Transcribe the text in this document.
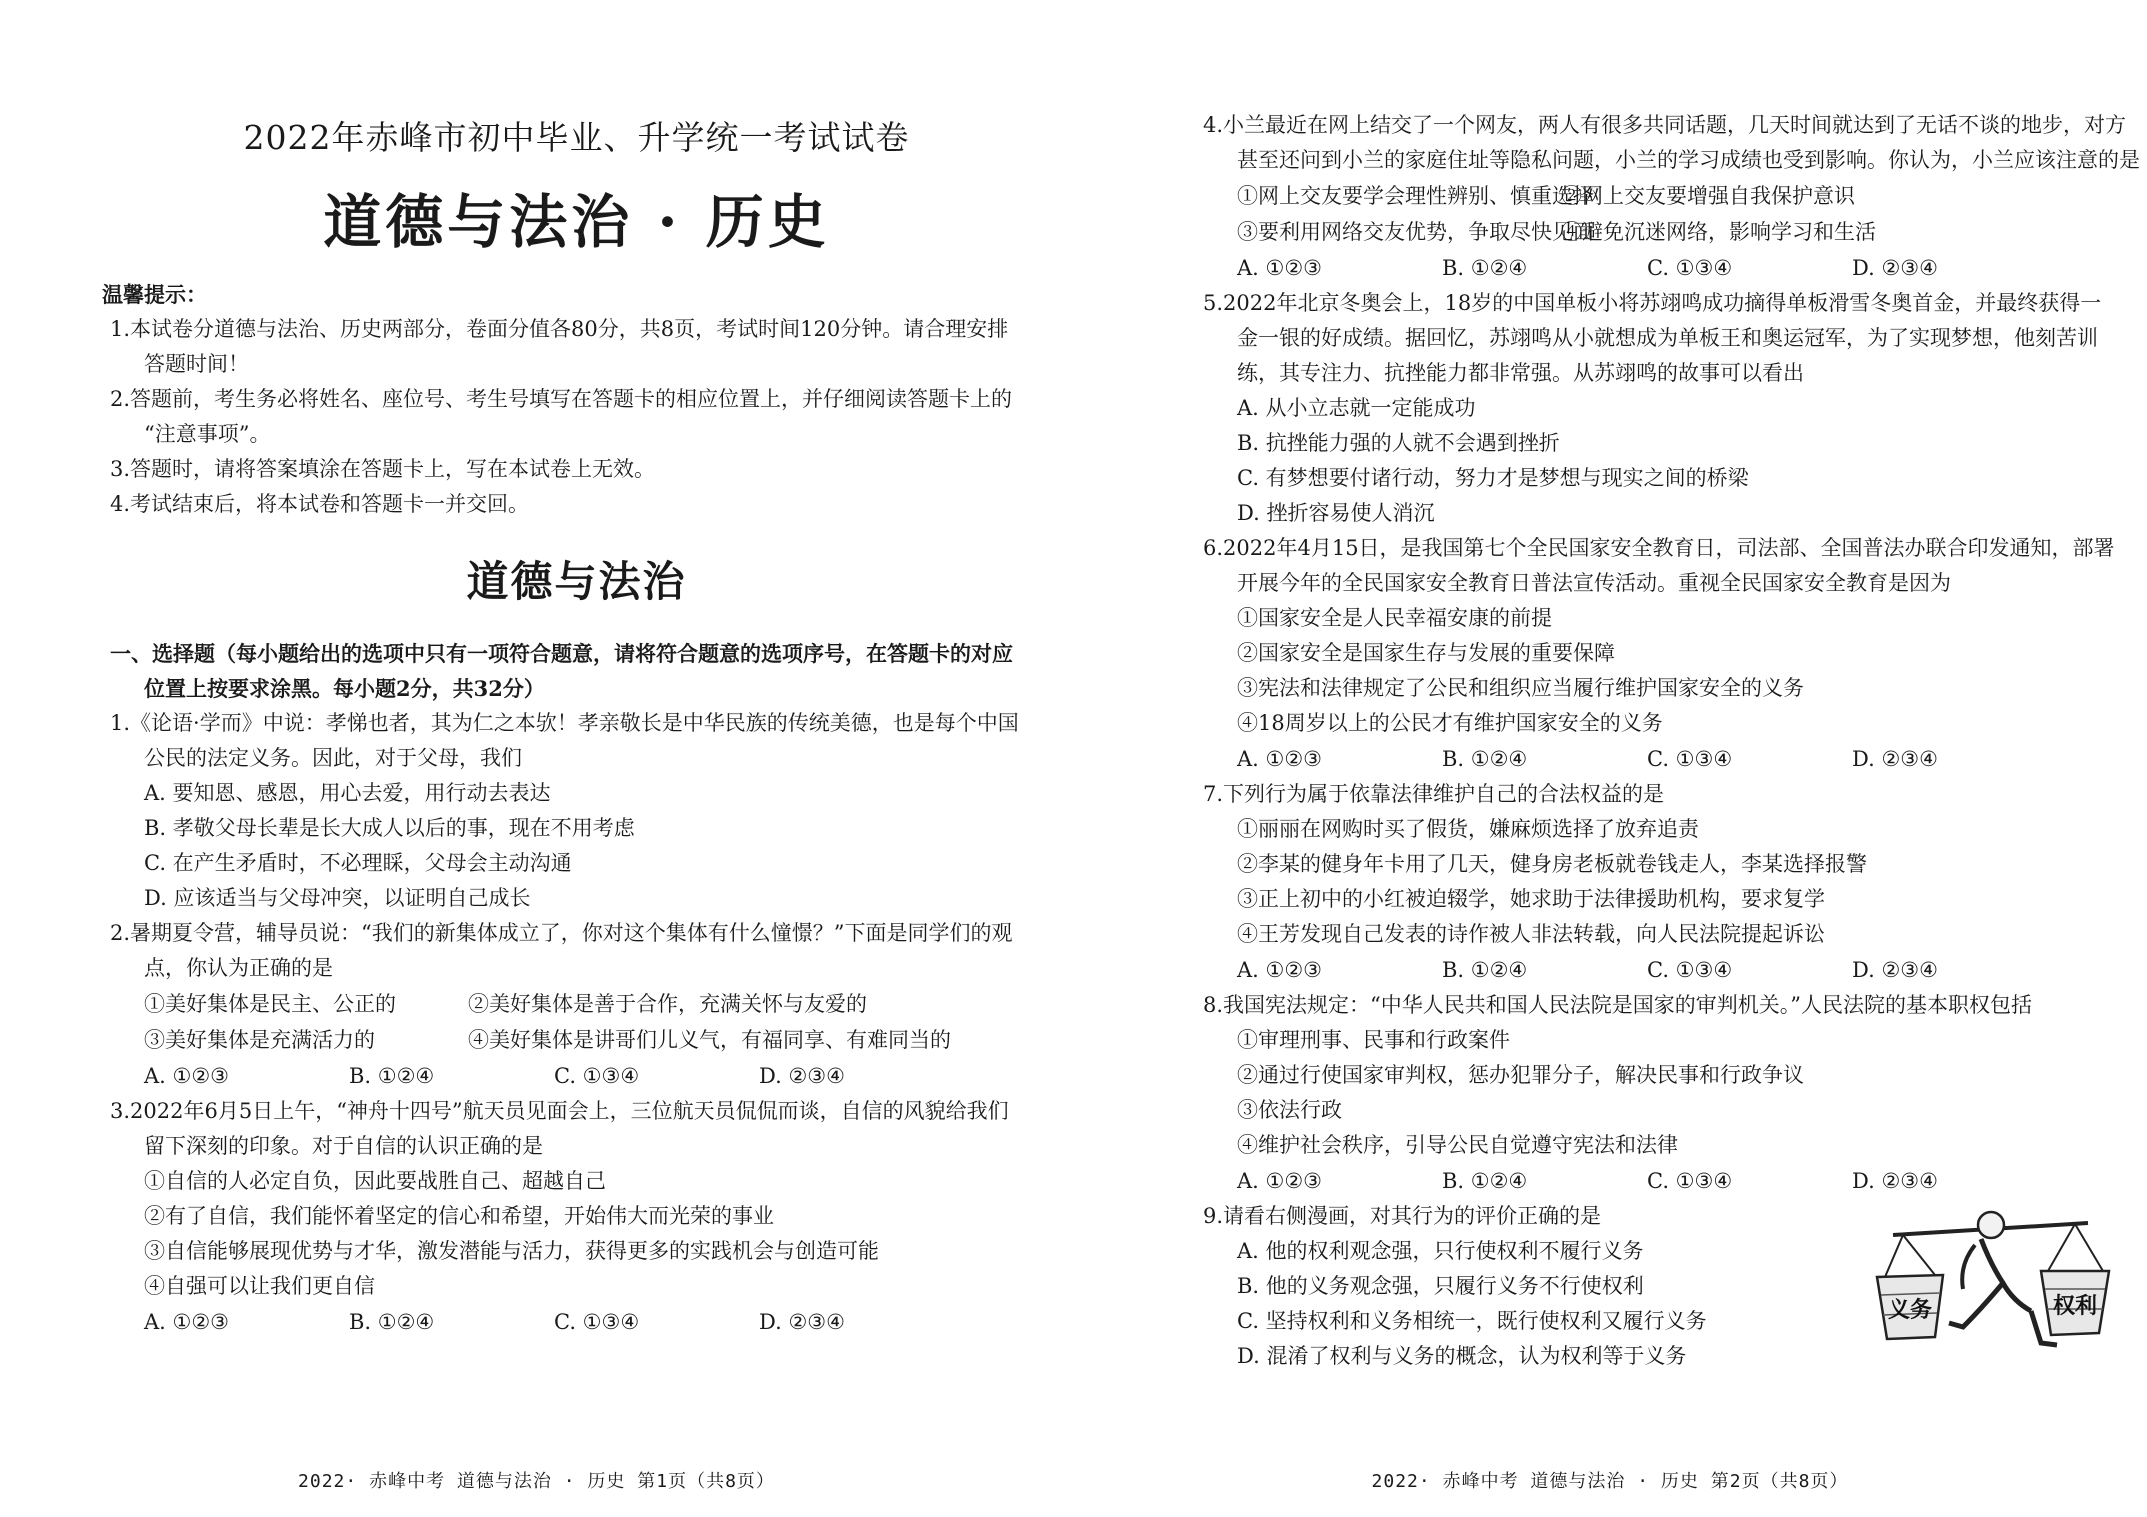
2022年赤峰市初中毕业、升学统一考试试卷
道德与法治 · 历史
温馨提示：
1.本试卷分道德与法治、历史两部分，卷面分值各80分，共8页，考试时间120分钟。请合理安排
答题时间！
2.答题前，考生务必将姓名、座位号、考生号填写在答题卡的相应位置上，并仔细阅读答题卡上的
“注意事项”。
3.答题时，请将答案填涂在答题卡上，写在本试卷上无效。
4.考试结束后，将本试卷和答题卡一并交回。
道德与法治
一、选择题（每小题给出的选项中只有一项符合题意，请将符合题意的选项序号，在答题卡的对应
位置上按要求涂黑。每小题2分，共32分）
1.《论语·学而》中说：孝悌也者，其为仁之本欤！孝亲敬长是中华民族的传统美德，也是每个中国
公民的法定义务。因此，对于父母，我们
A. 要知恩、感恩，用心去爱，用行动去表达
B. 孝敬父母长辈是长大成人以后的事，现在不用考虑
C. 在产生矛盾时，不必理睬，父母会主动沟通
D. 应该适当与父母冲突，以证明自己成长
2.暑期夏令营，辅导员说：“我们的新集体成立了，你对这个集体有什么憧憬？”下面是同学们的观
点，你认为正确的是
①美好集体是民主、公正的	②美好集体是善于合作，充满关怀与友爱的
③美好集体是充满活力的	④美好集体是讲哥们儿义气，有福同享、有难同当的
A. ①②③	B. ①②④	C. ①③④	D. ②③④
3.2022年6月5日上午，“神舟十四号”航天员见面会上，三位航天员侃侃而谈，自信的风貌给我们
留下深刻的印象。对于自信的认识正确的是
①自信的人必定自负，因此要战胜自己、超越自己
②有了自信，我们能怀着坚定的信心和希望，开始伟大而光荣的事业
③自信能够展现优势与才华，激发潜能与活力，获得更多的实践机会与创造可能
④自强可以让我们更自信
A. ①②③	B. ①②④	C. ①③④	D. ②③④
2022· 赤峰中考 道德与法治 · 历史 第1页（共8页）
4.小兰最近在网上结交了一个网友，两人有很多共同话题，几天时间就达到了无话不谈的地步，对方
甚至还问到小兰的家庭住址等隐私问题，小兰的学习成绩也受到影响。你认为，小兰应该注意的是
①网上交友要学会理性辨别、慎重选择
②网上交友要增强自我保护意识
③要利用网络交友优势，争取尽快见面
④避免沉迷网络，影响学习和生活
A. ①②③	B. ①②④	C. ①③④	D. ②③④
5.2022年北京冬奥会上，18岁的中国单板小将苏翊鸣成功摘得单板滑雪冬奥首金，并最终获得一
金一银的好成绩。据回忆，苏翊鸣从小就想成为单板王和奥运冠军，为了实现梦想，他刻苦训
练，其专注力、抗挫能力都非常强。从苏翊鸣的故事可以看出
A. 从小立志就一定能成功
B. 抗挫能力强的人就不会遇到挫折
C. 有梦想要付诸行动，努力才是梦想与现实之间的桥梁
D. 挫折容易使人消沉
6.2022年4月15日，是我国第七个全民国家安全教育日，司法部、全国普法办联合印发通知，部署
开展今年的全民国家安全教育日普法宣传活动。重视全民国家安全教育是因为
①国家安全是人民幸福安康的前提
②国家安全是国家生存与发展的重要保障
③宪法和法律规定了公民和组织应当履行维护国家安全的义务
④18周岁以上的公民才有维护国家安全的义务
A. ①②③	B. ①②④	C. ①③④	D. ②③④
7.下列行为属于依靠法律维护自己的合法权益的是
①丽丽在网购时买了假货，嫌麻烦选择了放弃追责
②李某的健身年卡用了几天，健身房老板就卷钱走人，李某选择报警
③正上初中的小红被迫辍学，她求助于法律援助机构，要求复学
④王芳发现自己发表的诗作被人非法转载，向人民法院提起诉讼
A. ①②③	B. ①②④	C. ①③④	D. ②③④
8.我国宪法规定：“中华人民共和国人民法院是国家的审判机关。”人民法院的基本职权包括
①审理刑事、民事和行政案件
②通过行使国家审判权，惩办犯罪分子，解决民事和行政争议
③依法行政
④维护社会秩序，引导公民自觉遵守宪法和法律
A. ①②③	B. ①②④	C. ①③④	D. ②③④
9.请看右侧漫画，对其行为的评价正确的是
A. 他的权利观念强，只行使权利不履行义务
B. 他的义务观念强，只履行义务不行使权利
C. 坚持权利和义务相统一，既行使权利又履行义务
D. 混淆了权利与义务的概念，认为权利等于义务
义务	权利
2022· 赤峰中考 道德与法治 · 历史 第2页（共8页）
